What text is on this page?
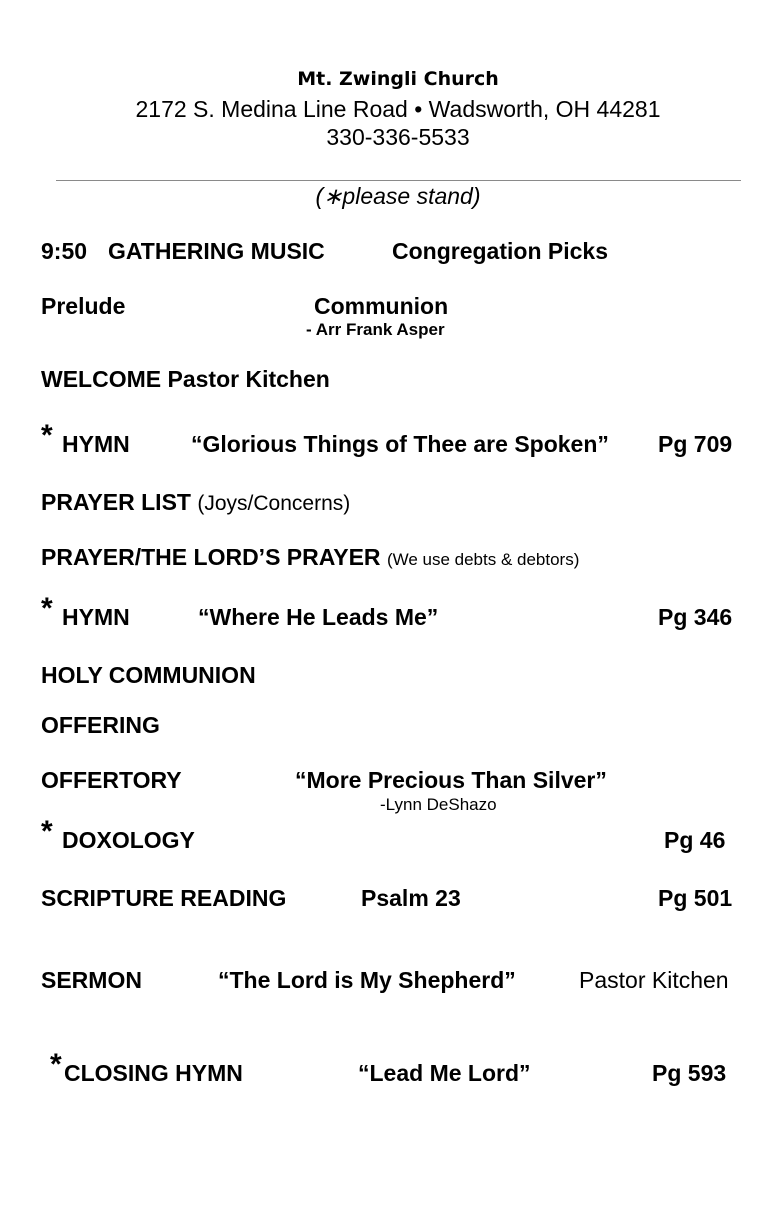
Mt. Zwingli Church
2172 S. Medina Line Road • Wadsworth, OH 44281
330-336-5533
(∗please stand)
9:50 GATHERING MUSIC	Congregation Picks
Prelude	Communion
- Arr Frank Asper
WELCOME Pastor Kitchen
* HYMN	“Glorious Things of Thee are Spoken” Pg 709
PRAYER LIST (Joys/Concerns)
PRAYER/THE LORD’S PRAYER (We use debts & debtors)
* HYMN	“Where He Leads Me”	Pg 346
HOLY COMMUNION
OFFERING
OFFERTORY	“More Precious Than Silver”
-Lynn DeShazo
* DOXOLOGY	Pg 46
SCRIPTURE READING	Psalm 23	Pg 501
SERMON	“The Lord is My Shepherd”	Pastor Kitchen
* CLOSING HYMN	“Lead Me Lord”	Pg 593
